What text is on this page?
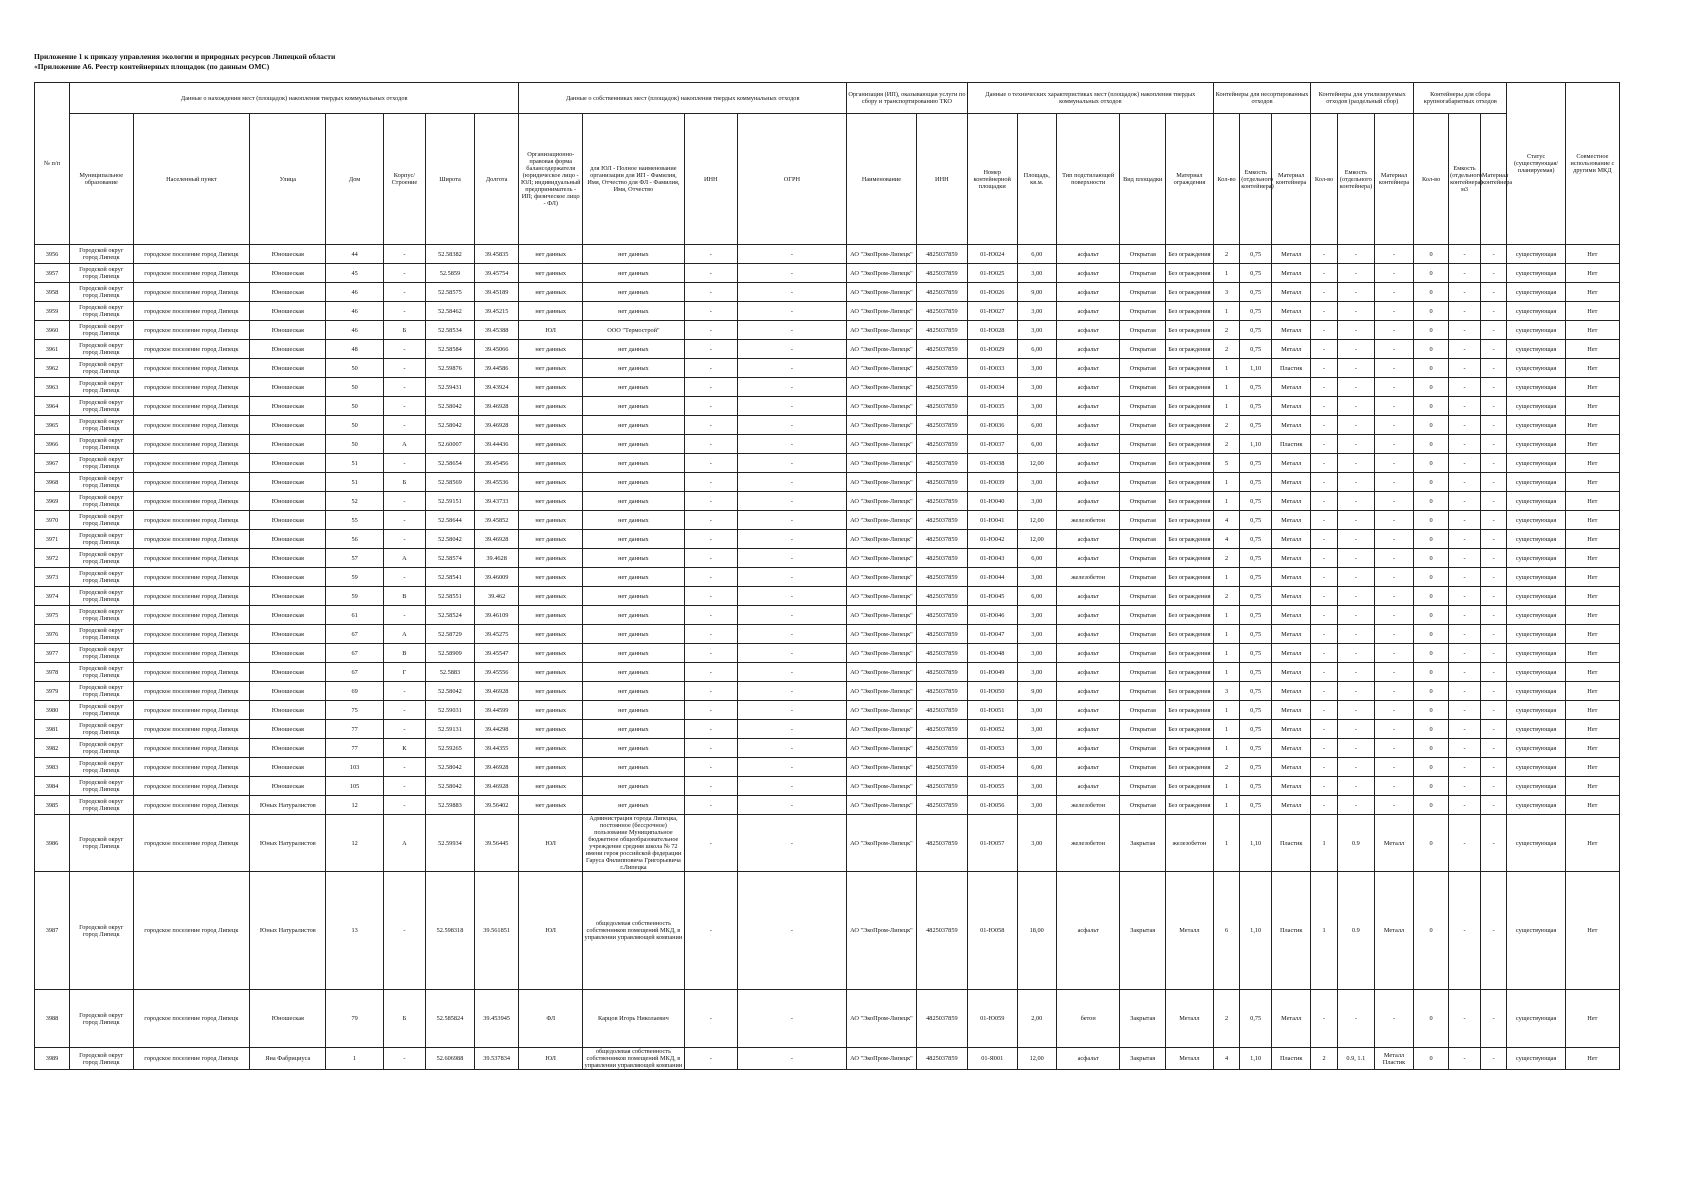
Приложение 1 к приказу управления экологии и природных ресурсов Липецкой области
«Приложение А6. Реестр контейнерных площадок (по данным ОМС)
№ п/п	Данные о нахождении мест (площадок) накопления твердых коммунальных отходов							Данные о собственниках мест (площадок) накопления твердых коммунальных отходов				Организация (ИП), оказывающая услуги по сбору и транспортированию ТКО		Данные о технических характеристиках мест (площадок) накопления твердых коммунальных отходов					Контейнеры для несортированных отходов			Контейнеры для утилизируемых отходов (раздельный сбор)			Контейнеры для сбора крупногабаритных отходов			Статус (существующая/планируемая)	Совместное использование с другими МКД
	Муниципальное образование	Населенный пункт	Улица	Дом	Корпус/Строение	Широта	Долгота	Организационно-правовая форма балансодержателя (юридическое лицо - ЮЛ; индивидуальный предприниматель - ИП; физическое лицо - ФЛ)	для ЮЛ - Полное наименование организации для ИП - Фамилия, Имя, Отчество для ФЛ - Фамилия, Имя, Отчество	ИНН	ОГРН	Наименование	ИНН	Номер контейнерной площадки	Площадь, кв.м.	Тип подстилающей поверхности	Вид площадки	Материал ограждения	Кол-во	Емкость (отдельного контейнера)	Материал контейнера	Кол-во	Емкость (отдельного контейнера)	Материал контейнера	Кол-во	Емкость (отдельного контейнера) м3	Материал контейнера		
3956	Городской округ город Липецк	городское поселение город Липецк	Юношеская	44	-	52.58382	39.45835	нет данных	нет данных	-	-	АО "ЭкоПром-Липецк"	4825037859	01-Ю024	6,00	асфальт	Открытая	Без ограждения	2	0,75	Металл	-	-	-	0	-	-	существующая	Нет
3957	Городской округ город Липецк	городское поселение город Липецк	Юношеская	45	-	52.5859	39.45754	нет данных	нет данных	-	-	АО "ЭкоПром-Липецк"	4825037859	01-Ю025	3,00	асфальт	Открытая	Без ограждения	1	0,75	Металл	-	-	-	0	-	-	существующая	Нет
3958	Городской округ город Липецк	городское поселение город Липецк	Юношеская	46	-	52.58575	39.45189	нет данных	нет данных	-	-	АО "ЭкоПром-Липецк"	4825037859	01-Ю026	9,00	асфальт	Открытая	Без ограждения	3	0,75	Металл	-	-	-	0	-	-	существующая	Нет
3959	Городской округ город Липецк	городское поселение город Липецк	Юношеская	46	-	52.58462	39.45215	нет данных	нет данных	-	-	АО "ЭкоПром-Липецк"	4825037859	01-Ю027	3,00	асфальт	Открытая	Без ограждения	1	0,75	Металл	-	-	-	0	-	-	существующая	Нет
3960	Городской округ город Липецк	городское поселение город Липецк	Юношеская	46	Б	52.58534	39.45388	ЮЛ	ООО "Термострой"	-	-	АО "ЭкоПром-Липецк"	4825037859	01-Ю028	3,00	асфальт	Открытая	Без ограждения	2	0,75	Металл	-	-	-	0	-	-	существующая	Нет
3961	Городской округ город Липецк	городское поселение город Липецк	Юношеская	48	-	52.58584	39.45066	нет данных	нет данных	-	-	АО "ЭкоПром-Липецк"	4825037859	01-Ю029	6,00	асфальт	Открытая	Без ограждения	2	0,75	Металл	-	-	-	0	-	-	существующая	Нет
3962	Городской округ город Липецк	городское поселение город Липецк	Юношеская	50	-	52.59876	39.44586	нет данных	нет данных	-	-	АО "ЭкоПром-Липецк"	4825037859	01-Ю033	3,00	асфальт	Открытая	Без ограждения	1	1,10	Пластик	-	-	-	0	-	-	существующая	Нет
3963	Городской округ город Липецк	городское поселение город Липецк	Юношеская	50	-	52.59431	39.43924	нет данных	нет данных	-	-	АО "ЭкоПром-Липецк"	4825037859	01-Ю034	3,00	асфальт	Открытая	Без ограждения	1	0,75	Металл	-	-	-	0	-	-	существующая	Нет
3964	Городской округ город Липецк	городское поселение город Липецк	Юношеская	50	-	52.58042	39.46928	нет данных	нет данных	-	-	АО "ЭкоПром-Липецк"	4825037859	01-Ю035	3,00	асфальт	Открытая	Без ограждения	1	0,75	Металл	-	-	-	0	-	-	существующая	Нет
3965	Городской округ город Липецк	городское поселение город Липецк	Юношеская	50	-	52.58042	39.46928	нет данных	нет данных	-	-	АО "ЭкоПром-Липецк"	4825037859	01-Ю036	6,00	асфальт	Открытая	Без ограждения	2	0,75	Металл	-	-	-	0	-	-	существующая	Нет
3966	Городской округ город Липецк	городское поселение город Липецк	Юношеская	50	А	52.60007	39.44436	нет данных	нет данных	-	-	АО "ЭкоПром-Липецк"	4825037859	01-Ю037	6,00	асфальт	Открытая	Без ограждения	2	1,10	Пластик	-	-	-	0	-	-	существующая	Нет
3967	Городской округ город Липецк	городское поселение город Липецк	Юношеская	51	-	52.58654	39.45456	нет данных	нет данных	-	-	АО "ЭкоПром-Липецк"	4825037859	01-Ю038	12,00	асфальт	Открытая	Без ограждения	5	0,75	Металл	-	-	-	0	-	-	существующая	Нет
3968	Городской округ город Липецк	городское поселение город Липецк	Юношеская	51	Б	52.58569	39.45536	нет данных	нет данных	-	-	АО "ЭкоПром-Липецк"	4825037859	01-Ю039	3,00	асфальт	Открытая	Без ограждения	1	0,75	Металл	-	-	-	0	-	-	существующая	Нет
3969	Городской округ город Липецк	городское поселение город Липецк	Юношеская	52	-	52.59151	39.43733	нет данных	нет данных	-	-	АО "ЭкоПром-Липецк"	4825037859	01-Ю040	3,00	асфальт	Открытая	Без ограждения	1	0,75	Металл	-	-	-	0	-	-	существующая	Нет
3970	Городской округ город Липецк	городское поселение город Липецк	Юношеская	55	-	52.58644	39.45852	нет данных	нет данных	-	-	АО "ЭкоПром-Липецк"	4825037859	01-Ю041	12,00	железобетон	Открытая	Без ограждения	4	0,75	Металл	-	-	-	0	-	-	существующая	Нет
3971	Городской округ город Липецк	городское поселение город Липецк	Юношеская	56	-	52.58042	39.46928	нет данных	нет данных	-	-	АО "ЭкоПром-Липецк"	4825037859	01-Ю042	12,00	асфальт	Открытая	Без ограждения	4	0,75	Металл	-	-	-	0	-	-	существующая	Нет
3972	Городской округ город Липецк	городское поселение город Липецк	Юношеская	57	А	52.58574	39.4628	нет данных	нет данных	-	-	АО "ЭкоПром-Липецк"	4825037859	01-Ю043	6,00	асфальт	Открытая	Без ограждения	2	0,75	Металл	-	-	-	0	-	-	существующая	Нет
3973	Городской округ город Липецк	городское поселение город Липецк	Юношеская	59	-	52.58541	39.46009	нет данных	нет данных	-	-	АО "ЭкоПром-Липецк"	4825037859	01-Ю044	3,00	железобетон	Открытая	Без ограждения	1	0,75	Металл	-	-	-	0	-	-	существующая	Нет
3974	Городской округ город Липецк	городское поселение город Липецк	Юношеская	59	В	52.58551	39.462	нет данных	нет данных	-	-	АО "ЭкоПром-Липецк"	4825037859	01-Ю045	6,00	асфальт	Открытая	Без ограждения	2	0,75	Металл	-	-	-	0	-	-	существующая	Нет
3975	Городской округ город Липецк	городское поселение город Липецк	Юношеская	61	-	52.58524	39.46109	нет данных	нет данных	-	-	АО "ЭкоПром-Липецк"	4825037859	01-Ю046	3,00	асфальт	Открытая	Без ограждения	1	0,75	Металл	-	-	-	0	-	-	существующая	Нет
3976	Городской округ город Липецк	городское поселение город Липецк	Юношеская	67	А	52.58729	39.45275	нет данных	нет данных	-	-	АО "ЭкоПром-Липецк"	4825037859	01-Ю047	3,00	асфальт	Открытая	Без ограждения	1	0,75	Металл	-	-	-	0	-	-	существующая	Нет
3977	Городской округ город Липецк	городское поселение город Липецк	Юношеская	67	В	52.58909	39.45547	нет данных	нет данных	-	-	АО "ЭкоПром-Липецк"	4825037859	01-Ю048	3,00	асфальт	Открытая	Без ограждения	1	0,75	Металл	-	-	-	0	-	-	существующая	Нет
3978	Городской округ город Липецк	городское поселение город Липецк	Юношеская	67	Г	52.5883	39.45556	нет данных	нет данных	-	-	АО "ЭкоПром-Липецк"	4825037859	01-Ю049	3,00	асфальт	Открытая	Без ограждения	1	0,75	Металл	-	-	-	0	-	-	существующая	Нет
3979	Городской округ город Липецк	городское поселение город Липецк	Юношеская	69	-	52.58042	39.46928	нет данных	нет данных	-	-	АО "ЭкоПром-Липецк"	4825037859	01-Ю050	9,00	асфальт	Открытая	Без ограждения	3	0,75	Металл	-	-	-	0	-	-	существующая	Нет
3980	Городской округ город Липецк	городское поселение город Липецк	Юношеская	75	-	52.59031	39.44599	нет данных	нет данных	-	-	АО "ЭкоПром-Липецк"	4825037859	01-Ю051	3,00	асфальт	Открытая	Без ограждения	1	0,75	Металл	-	-	-	0	-	-	существующая	Нет
3981	Городской округ город Липецк	городское поселение город Липецк	Юношеская	77	-	52.59131	39.44298	нет данных	нет данных	-	-	АО "ЭкоПром-Липецк"	4825037859	01-Ю052	3,00	асфальт	Открытая	Без ограждения	1	0,75	Металл	-	-	-	0	-	-	существующая	Нет
3982	Городской округ город Липецк	городское поселение город Липецк	Юношеская	77	К	52.59265	39.44355	нет данных	нет данных	-	-	АО "ЭкоПром-Липецк"	4825037859	01-Ю053	3,00	асфальт	Открытая	Без ограждения	1	0,75	Металл	-	-	-	0	-	-	существующая	Нет
3983	Городской округ город Липецк	городское поселение город Липецк	Юношеская	103	-	52.58042	39.46928	нет данных	нет данных	-	-	АО "ЭкоПром-Липецк"	4825037859	01-Ю054	6,00	асфальт	Открытая	Без ограждения	2	0,75	Металл	-	-	-	0	-	-	существующая	Нет
3984	Городской округ город Липецк	городское поселение город Липецк	Юношеская	105	-	52.58042	39.46928	нет данных	нет данных	-	-	АО "ЭкоПром-Липецк"	4825037859	01-Ю055	3,00	асфальт	Открытая	Без ограждения	1	0,75	Металл	-	-	-	0	-	-	существующая	Нет
3985	Городской округ город Липецк	городское поселение город Липецк	Юных Натуралистов	12	-	52.59883	39.56402	нет данных	нет данных	-	-	АО "ЭкоПром-Липецк"	4825037859	01-Ю056	3,00	железобетон	Открытая	Без ограждения	1	0,75	Металл	-	-	-	0	-	-	существующая	Нет
3986	Городской округ город Липецк	городское поселение город Липецк	Юных Натуралистов	12	А	52.59934	39.56445	ЮЛ	Администрация города Липецка, постоянное (бессрочное) пользование Муниципальное бюджетное общеобразовательное учреждение средняя школа № 72 имени героя российской федерации Гаруса Филипповича Григорьевича г.Липецка	-	-	АО "ЭкоПром-Липецк"	4825037859	01-Ю057	3,00	железобетон	Закрытая	железобетон	1	1,10	Пластик	1	0.9	Металл	0	-	-	существующая	Нет
3987	Городской округ город Липецк	городское поселение город Липецк	Юных Натуралистов	13	-	52.598318	39.561851	ЮЛ	общедолевая собственность собственников помещений МКД, в управлении управляющей компании	-	-	АО "ЭкоПром-Липецк"	4825037859	01-Ю058	18,00	асфальт	Закрытая	Металл	6	1,10	Пластик	1	0.9	Металл	0	-	-	существующая	Нет
3988	Городской округ город Липецк	городское поселение город Липецк	Юношеская	79	Б	52.585824	39.453945	ФЛ	Карцов Игорь Николаевич	-	-	АО "ЭкоПром-Липецк"	4825037859	01-Ю059	2,00	бетон	Закрытая	Металл	2	0,75	Металл	-	-	-	0	-	-	существующая	Нет
3989	Городской округ город Липецк	городское поселение город Липецк	Яна Фабрициуса	1	-	52.606988	39.537834	ЮЛ	общедолевая собственность собственников помещений МКД, в управлении управляющей компании	-	-	АО "ЭкоПром-Липецк"	4825037859	01-Я001	12,00	асфальт	Закрытая	Металл	4	1,10	Пластик	2	0.9, 1.1	Металл Пластик	0	-	-	существующая	Нет
